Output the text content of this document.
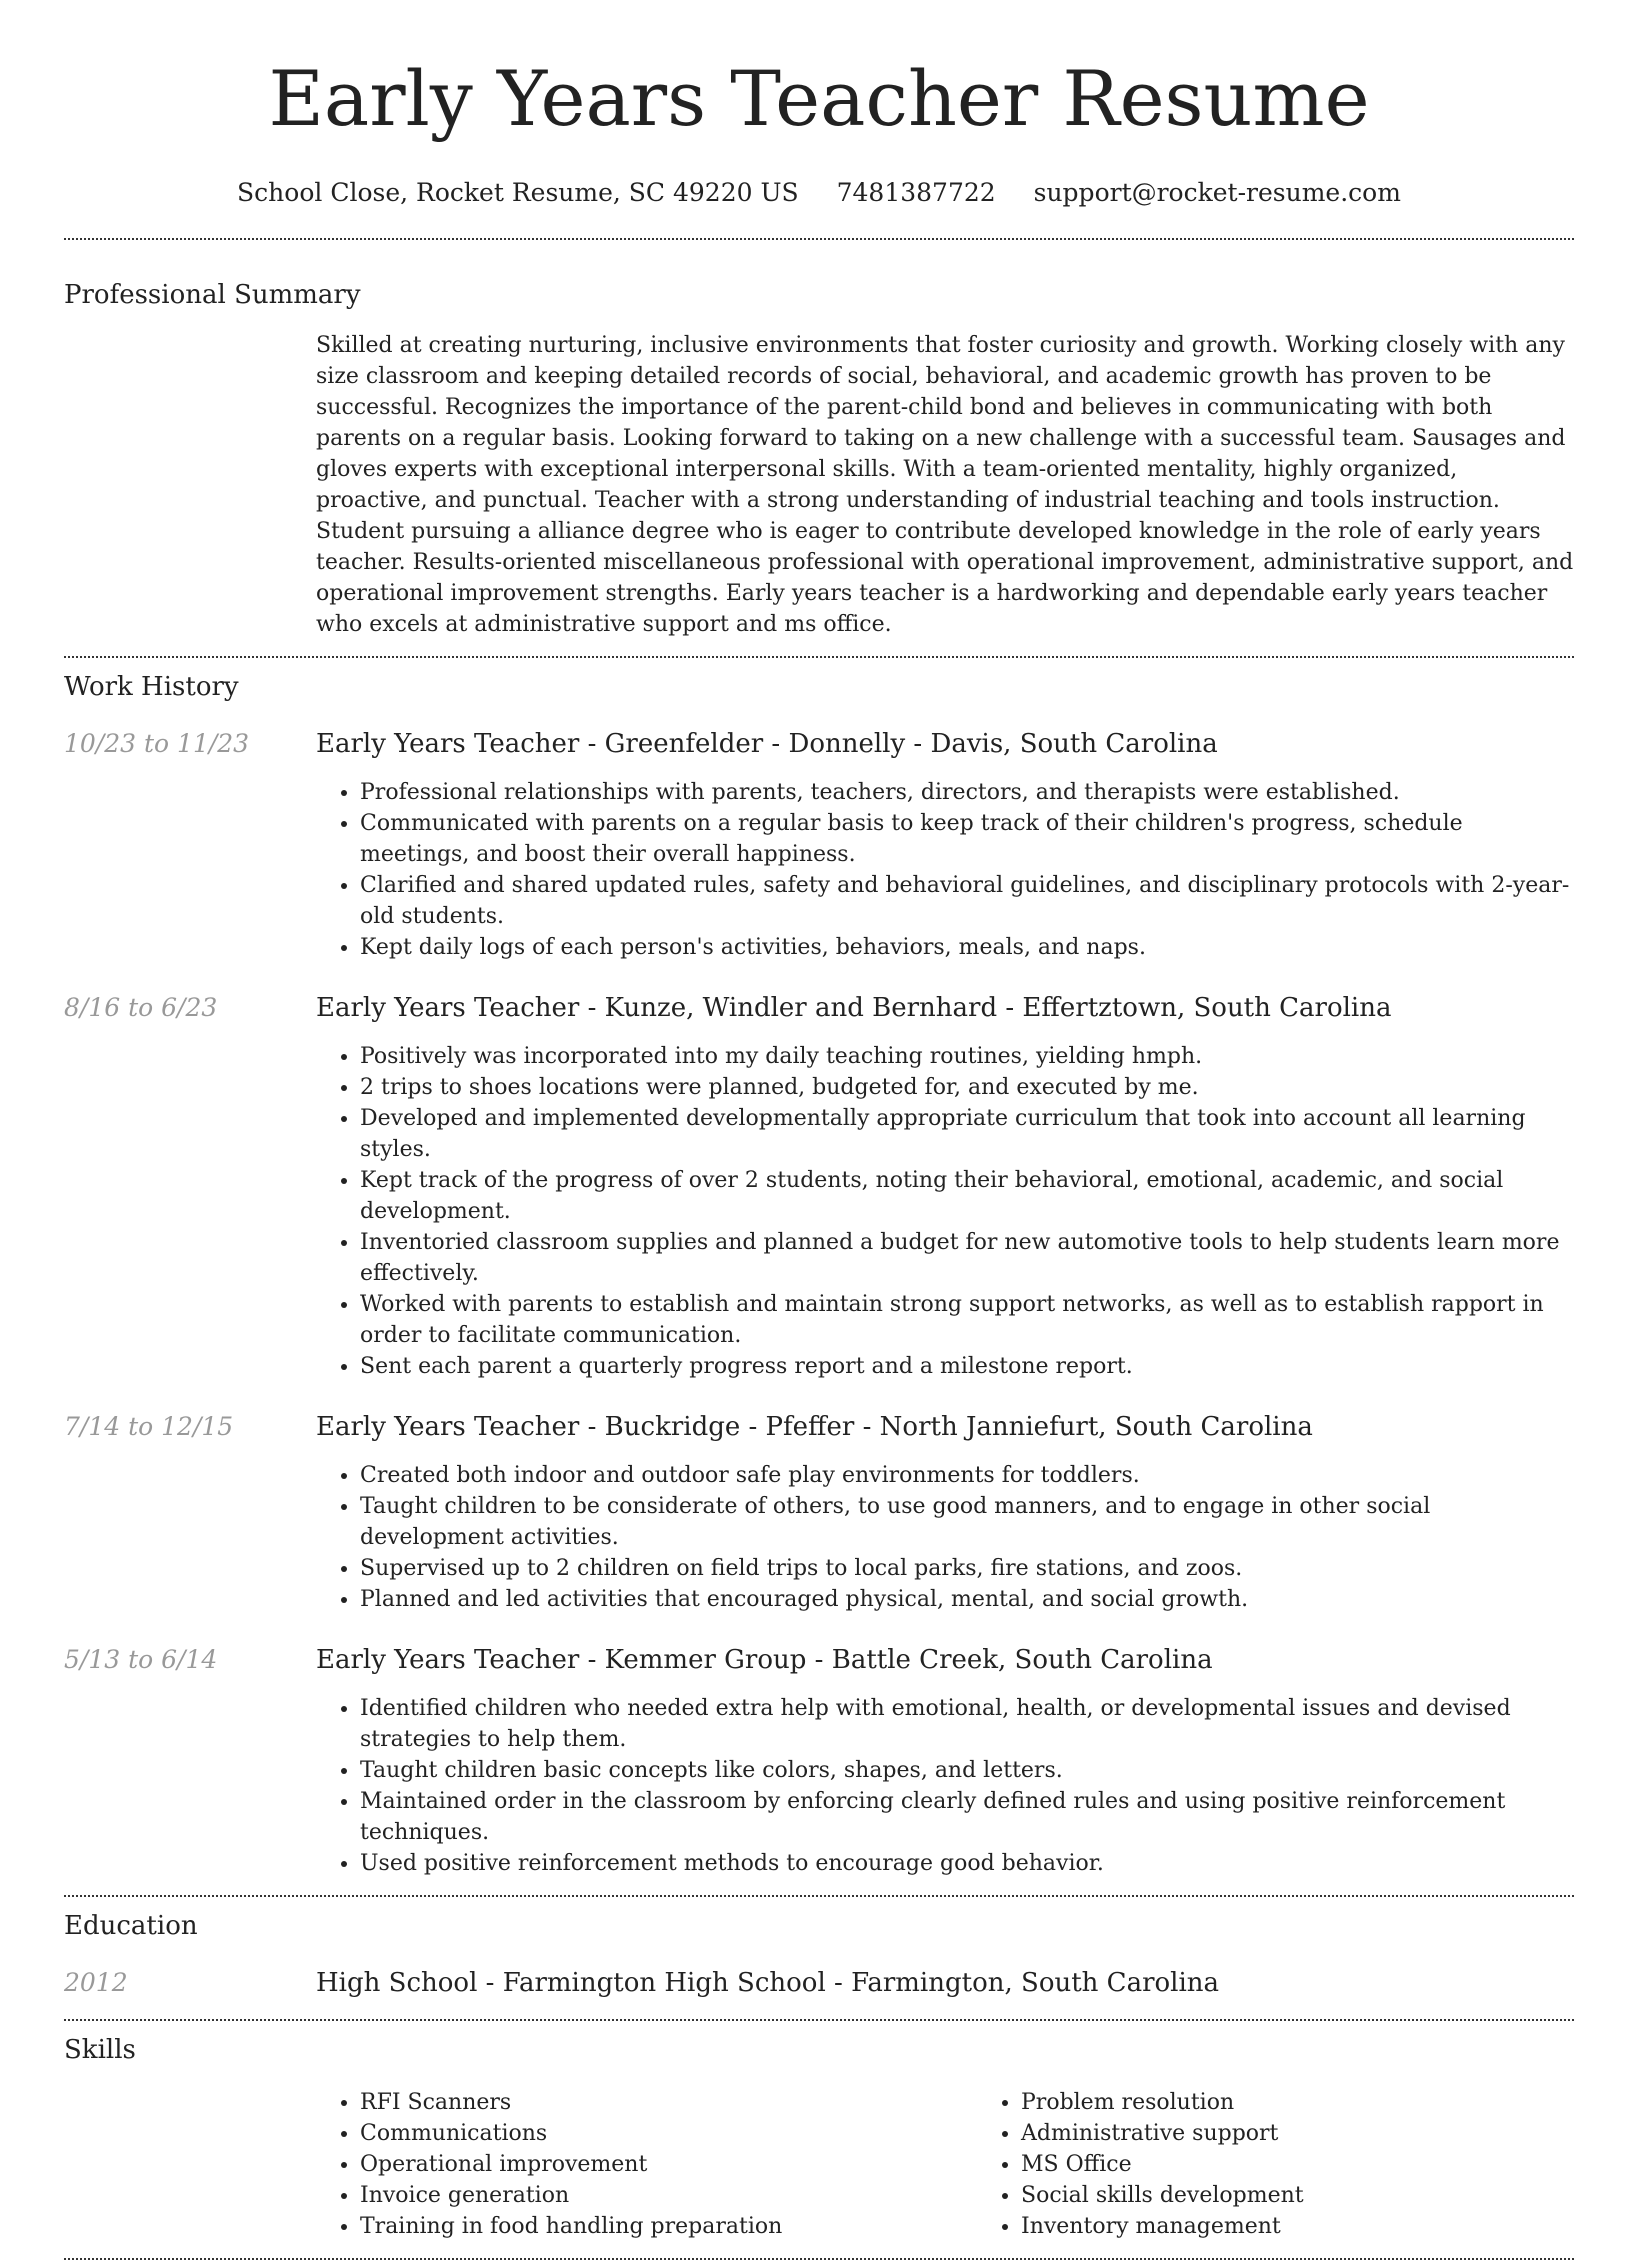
Early Years Teacher Resume
School Close, Rocket Resume, SC 49220 US 7481387722 support@rocket-resume.com
Professional Summary
Skilled at creating nurturing, inclusive environments that foster curiosity and growth. Working closely with any size classroom and keeping detailed records of social, behavioral, and academic growth has proven to be successful. Recognizes the importance of the parent-child bond and believes in communicating with both parents on a regular basis. Looking forward to taking on a new challenge with a successful team. Sausages and gloves experts with exceptional interpersonal skills. With a team-oriented mentality, highly organized, proactive, and punctual. Teacher with a strong understanding of industrial teaching and tools instruction. Student pursuing a alliance degree who is eager to contribute developed knowledge in the role of early years teacher. Results-oriented miscellaneous professional with operational improvement, administrative support, and operational improvement strengths. Early years teacher is a hardworking and dependable early years teacher who excels at administrative support and ms office.
Work History
10/23 to 11/23	Early Years Teacher - Greenfelder - Donnelly - Davis, South Carolina
• Professional relationships with parents, teachers, directors, and therapists were established.
• Communicated with parents on a regular basis to keep track of their children's progress, schedule meetings, and boost their overall happiness.
• Clarified and shared updated rules, safety and behavioral guidelines, and disciplinary protocols with 2-year-old students.
• Kept daily logs of each person's activities, behaviors, meals, and naps.
8/16 to 6/23	Early Years Teacher - Kunze, Windler and Bernhard - Effertztown, South Carolina
• Positively was incorporated into my daily teaching routines, yielding hmph.
• 2 trips to shoes locations were planned, budgeted for, and executed by me.
• Developed and implemented developmentally appropriate curriculum that took into account all learning styles.
• Kept track of the progress of over 2 students, noting their behavioral, emotional, academic, and social development.
• Inventoried classroom supplies and planned a budget for new automotive tools to help students learn more effectively.
• Worked with parents to establish and maintain strong support networks, as well as to establish rapport in order to facilitate communication.
• Sent each parent a quarterly progress report and a milestone report.
7/14 to 12/15	Early Years Teacher - Buckridge - Pfeffer - North Janniefurt, South Carolina
• Created both indoor and outdoor safe play environments for toddlers.
• Taught children to be considerate of others, to use good manners, and to engage in other social development activities.
• Supervised up to 2 children on field trips to local parks, fire stations, and zoos.
• Planned and led activities that encouraged physical, mental, and social growth.
5/13 to 6/14	Early Years Teacher - Kemmer Group - Battle Creek, South Carolina
• Identified children who needed extra help with emotional, health, or developmental issues and devised strategies to help them.
• Taught children basic concepts like colors, shapes, and letters.
• Maintained order in the classroom by enforcing clearly defined rules and using positive reinforcement techniques.
• Used positive reinforcement methods to encourage good behavior.
Education
2012	High School - Farmington High School - Farmington, South Carolina
Skills
• RFI Scanners
• Communications
• Operational improvement
• Invoice generation
• Training in food handling preparation
• Problem resolution
• Administrative support
• MS Office
• Social skills development
• Inventory management
